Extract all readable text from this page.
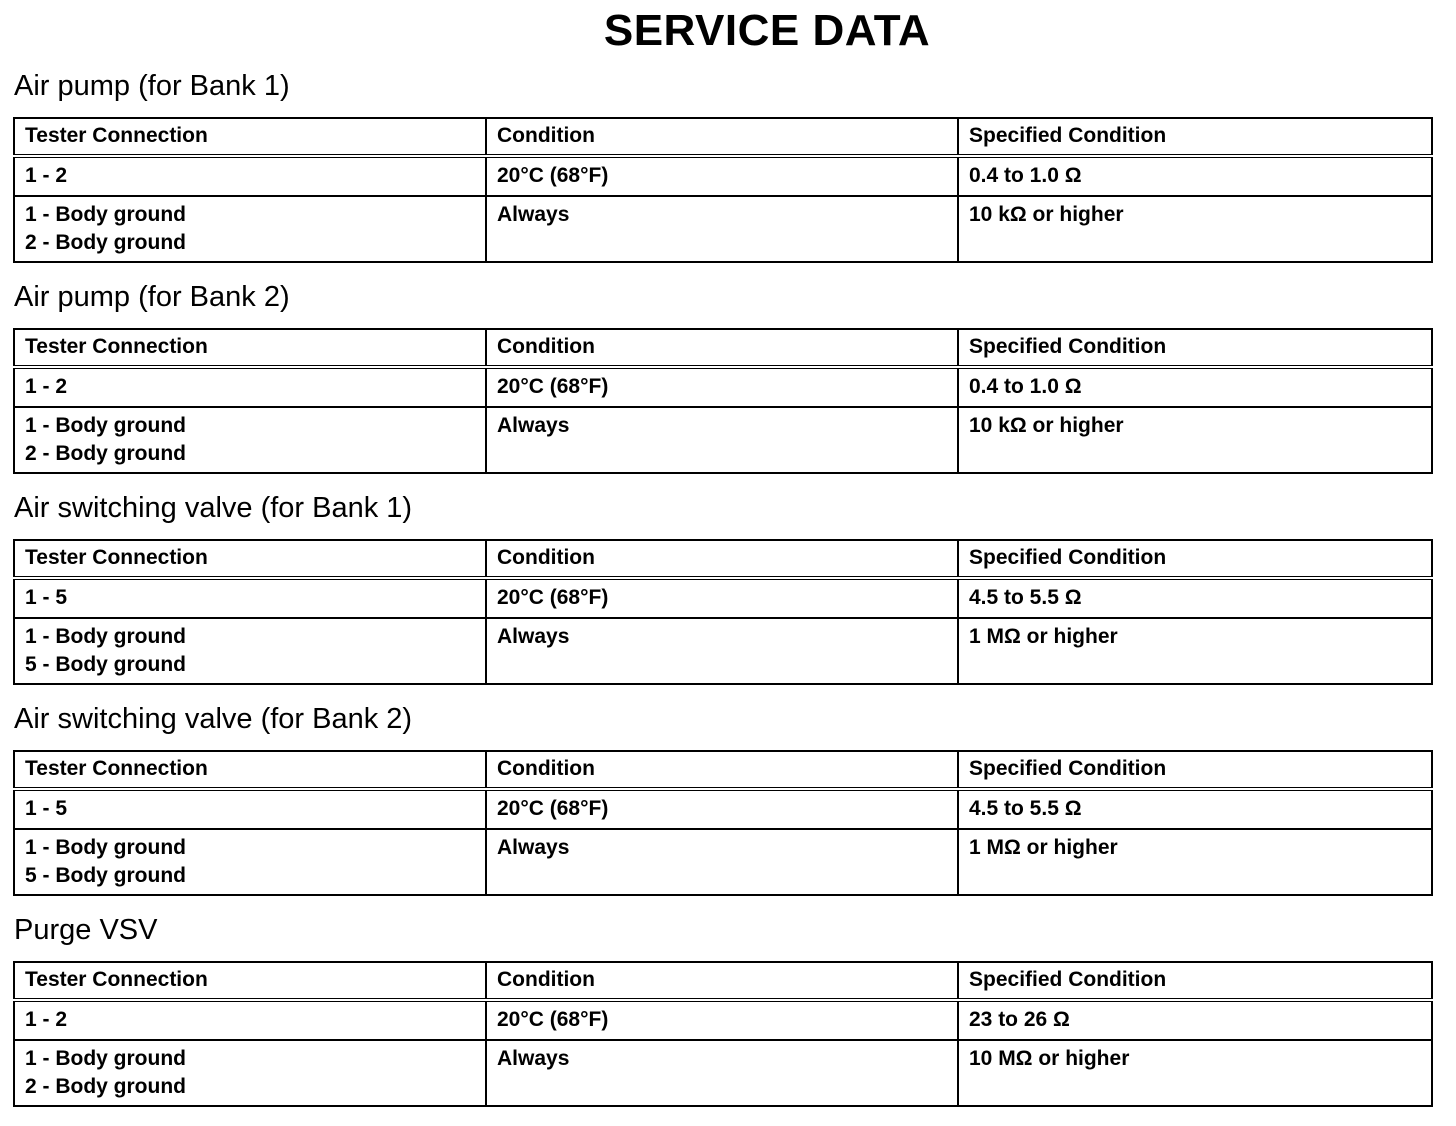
SERVICE DATA
Air pump (for Bank 1)
Tester Connection	Condition	Specified Condition

1 - 2	20°C (68°F)	0.4 to 1.0 Ω

1 - Body ground
2 - Body ground	Always	10 kΩ or higher
Air pump (for Bank 2)
Tester Connection	Condition	Specified Condition

1 - 2	20°C (68°F)	0.4 to 1.0 Ω

1 - Body ground
2 - Body ground	Always	10 kΩ or higher
Air switching valve (for Bank 1)
Tester Connection	Condition	Specified Condition

1 - 5	20°C (68°F)	4.5 to 5.5 Ω

1 - Body ground
5 - Body ground	Always	1 MΩ or higher
Air switching valve (for Bank 2)
Tester Connection	Condition	Specified Condition

1 - 5	20°C (68°F)	4.5 to 5.5 Ω

1 - Body ground
5 - Body ground	Always	1 MΩ or higher
Purge VSV
Tester Connection	Condition	Specified Condition

1 - 2	20°C (68°F)	23 to 26 Ω

1 - Body ground
2 - Body ground	Always	10 MΩ or higher
